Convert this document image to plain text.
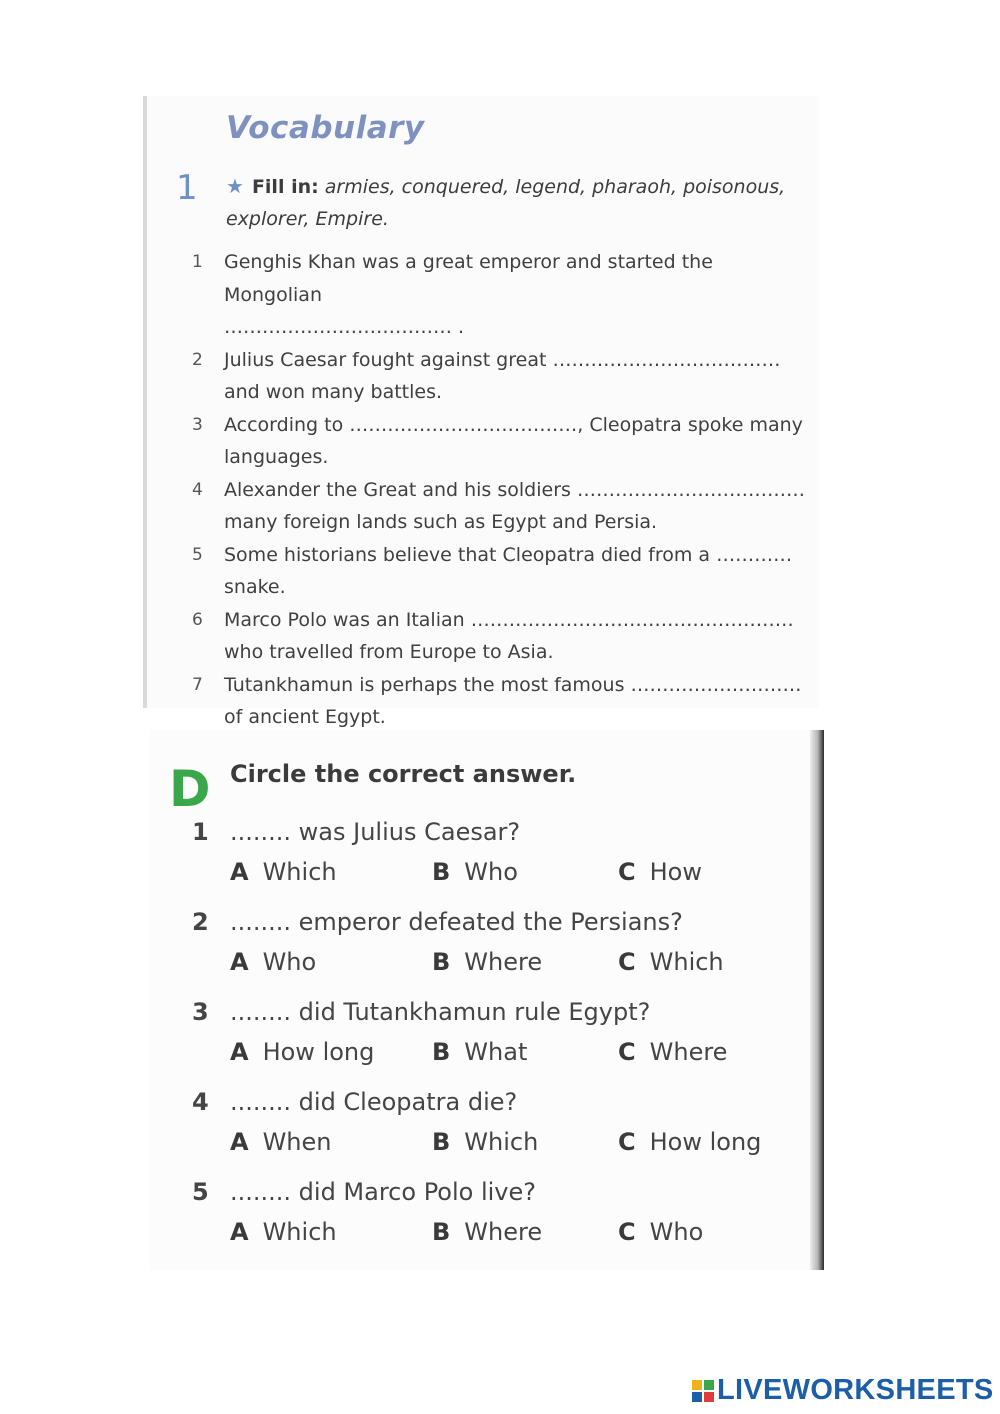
Vocabulary
1 ★ Fill in: armies, conquered, legend, pharaoh, poisonous, explorer, Empire.
1	Genghis Khan was a great emperor and started the Mongolian
……………………………… .
2	Julius Caesar fought against great ………………………………
and won many battles.
3	According to ………………………………, Cleopatra spoke many
languages.
4	Alexander the Great and his soldiers ………………………………
many foreign lands such as Egypt and Persia.
5	Some historians believe that Cleopatra died from a …………
snake.
6	Marco Polo was an Italian ……………………………………………
who travelled from Europe to Asia.
7	Tutankhamun is perhaps the most famous ………………………
of ancient Egypt.
D Circle the correct answer.
1 ........ was Julius Caesar?
A Which	B Who	C How
2 ........ emperor defeated the Persians?
A Who	B Where	C Which
3 ........ did Tutankhamun rule Egypt?
A How long B What	C Where
4 ........ did Cleopatra die?
A When	B Which	C How long
5 ........ did Marco Polo live?
A Which	B Where	C Who
LIVEWORKSHEETS
